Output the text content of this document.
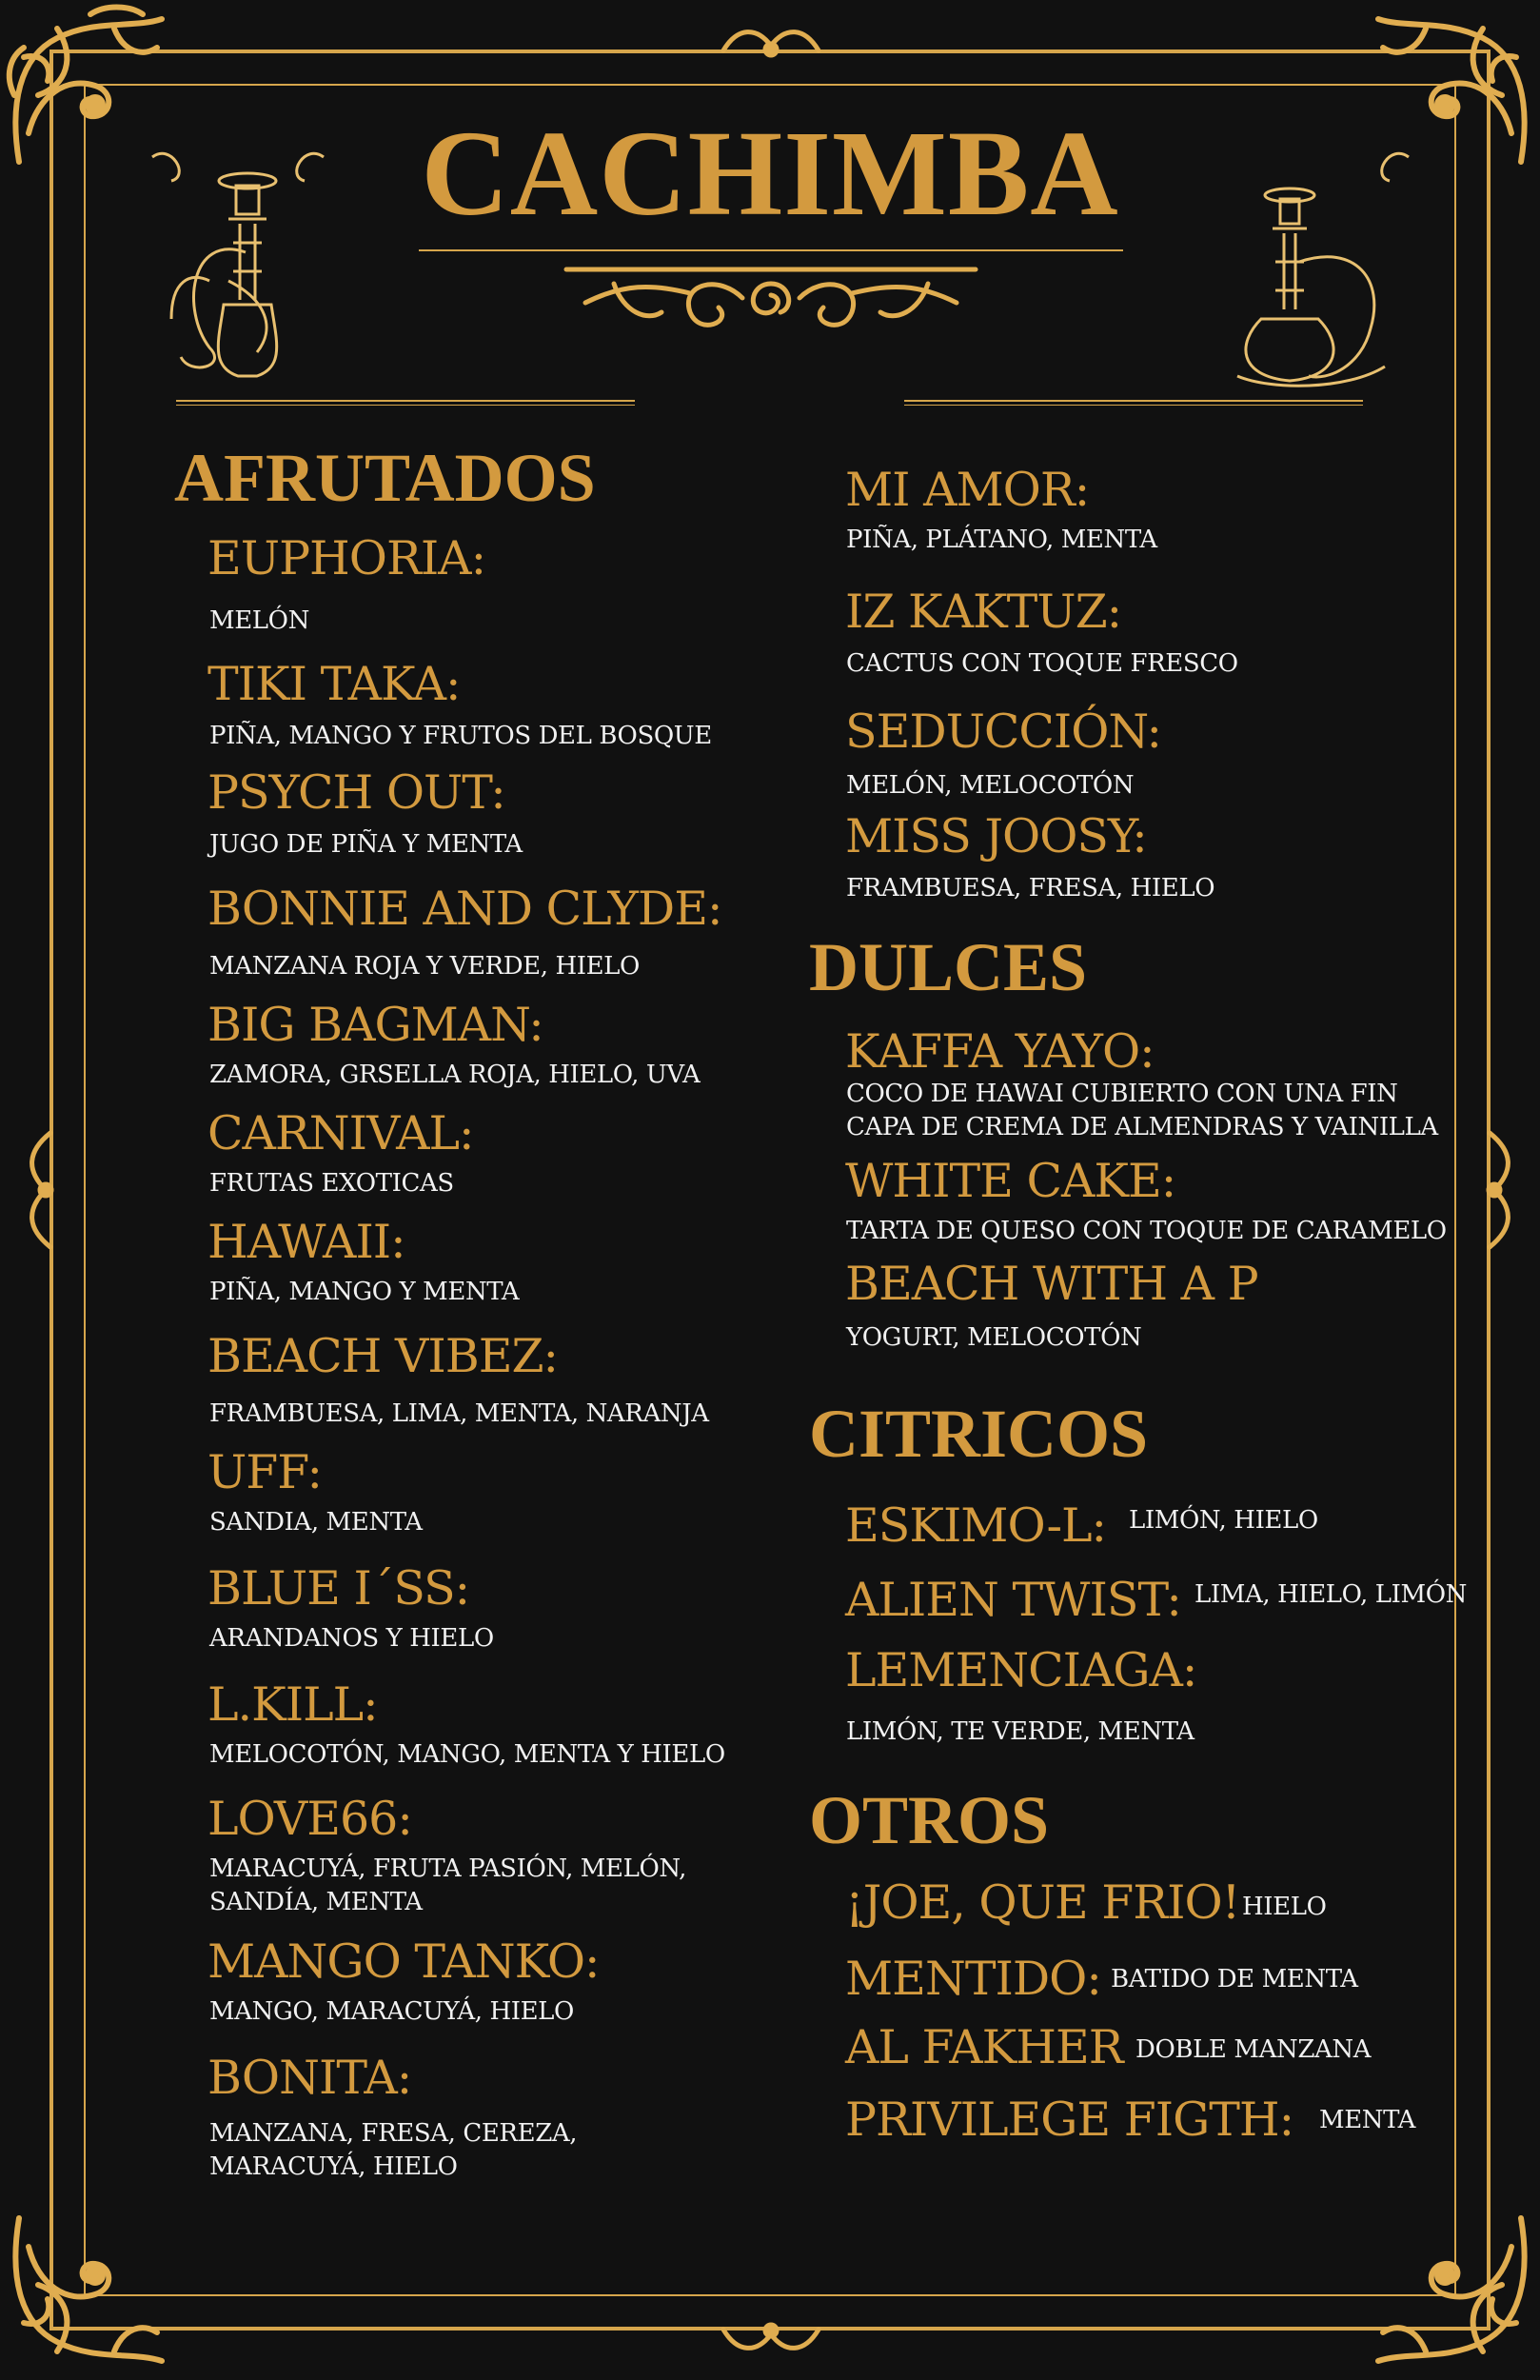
CACHIMBA
AFRUTADOS

EUPHORIA:

MELÓN

TIKI TAKA:

PIÑA, MANGO Y FRUTOS DEL BOSQUE

PSYCH OUT:

JUGO DE PIÑA Y MENTA

BONNIE AND CLYDE:

MANZANA ROJA Y VERDE, HIELO

BIG BAGMAN:

ZAMORA, GRSELLA ROJA, HIELO, UVA

CARNIVAL:

FRUTAS EXOTICAS

HAWAII:

PIÑA, MANGO Y MENTA

BEACH VIBEZ:

FRAMBUESA, LIMA, MENTA, NARANJA

UFF:

SANDIA, MENTA

BLUE I´SS:

ARANDANOS Y HIELO

L.KILL:

MELOCOTÓN, MANGO, MENTA Y HIELO

LOVE66:

MARACUYÁ, FRUTA PASIÓN, MELÓN,

SANDÍA, MENTA

MANGO TANKO:

MANGO, MARACUYÁ, HIELO

BONITA:

MANZANA, FRESA, CEREZA,

MARACUYÁ, HIELO

MI AMOR:

PIÑA, PLÁTANO, MENTA

IZ KAKTUZ:

CACTUS CON TOQUE FRESCO

SEDUCCIÓN:

MELÓN, MELOCOTÓN

MISS JOOSY:

FRAMBUESA, FRESA, HIELO

DULCES

KAFFA YAYO:

COCO DE HAWAI CUBIERTO CON UNA FIN

CAPA DE CREMA DE ALMENDRAS Y VAINILLA

WHITE CAKE:

TARTA DE QUESO CON TOQUE DE CARAMELO

BEACH WITH A P

YOGURT, MELOCOTÓN

CITRICOS

ESKIMO-L: LIMÓN, HIELO

ALIEN TWIST: LIMA, HIELO, LIMÓN

LEMENCIAGA:

LIMÓN, TE VERDE, MENTA

OTROS

¡JOE, QUE FRIO! HIELO

MENTIDO: BATIDO DE MENTA

AL FAKHER DOBLE MANZANA

PRIVILEGE FIGTH: MENTA
